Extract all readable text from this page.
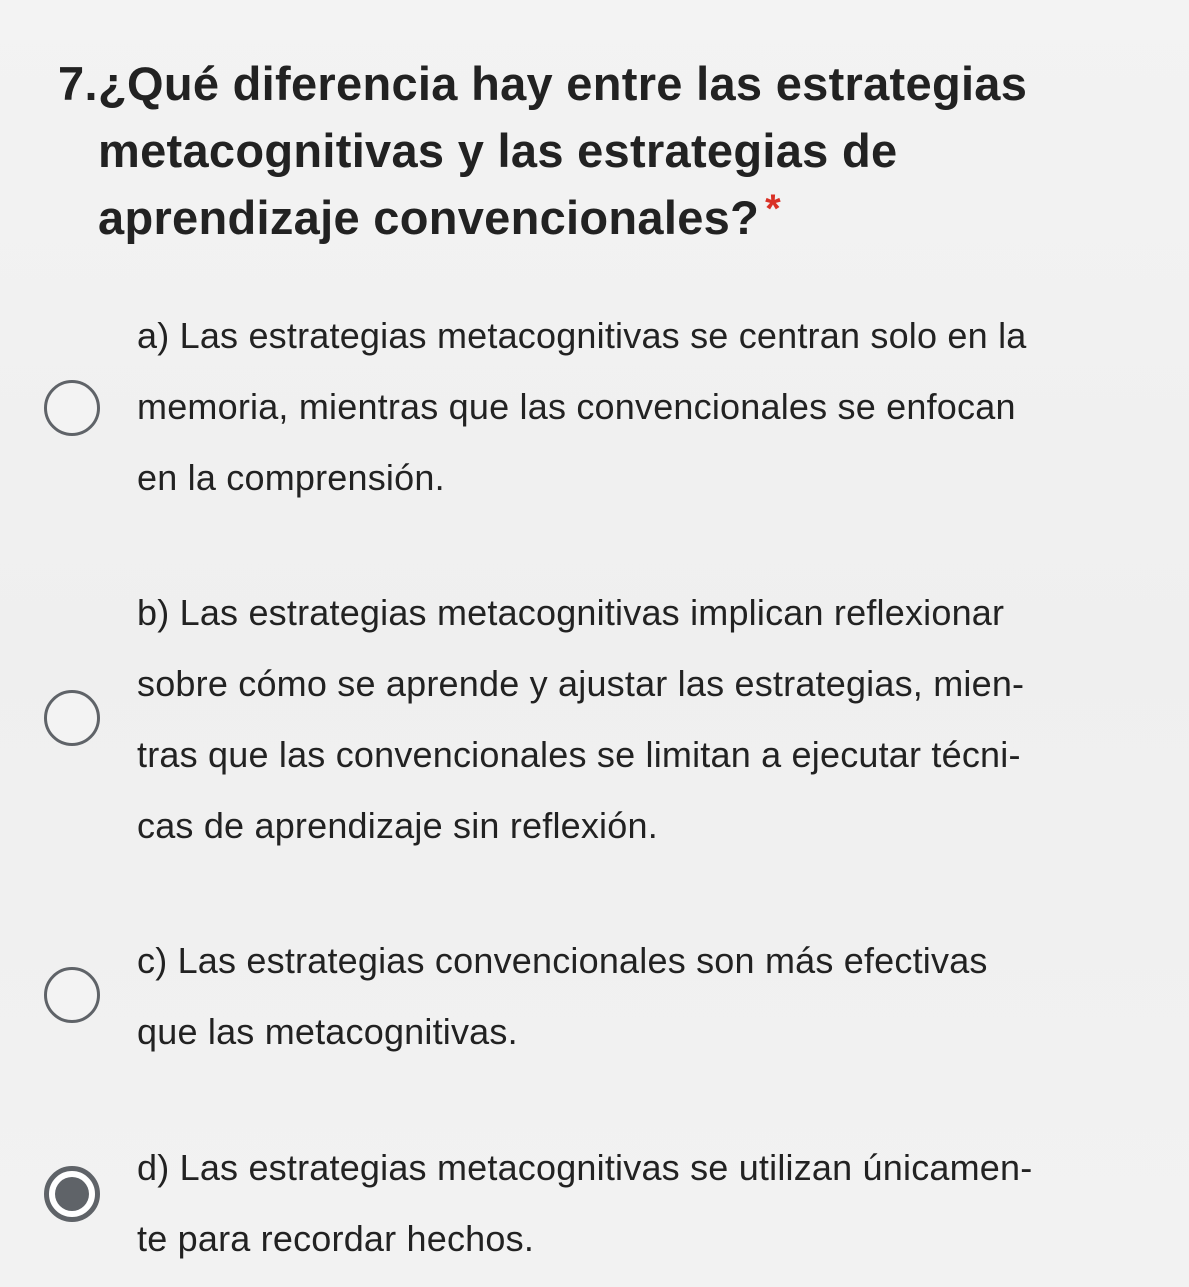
7. ¿Qué diferencia hay entre las estrategias
metacognitivas y las estrategias de
aprendizaje convencionales? *
a) Las estrategias metacognitivas se centran solo en la
memoria, mientras que las convencionales se enfocan
en la comprensión.
b) Las estrategias metacognitivas implican reflexionar
sobre cómo se aprende y ajustar las estrategias, mien-
tras que las convencionales se limitan a ejecutar técni-
cas de aprendizaje sin reflexión.
c) Las estrategias convencionales son más efectivas
que las metacognitivas.
d) Las estrategias metacognitivas se utilizan únicamen-
te para recordar hechos.
